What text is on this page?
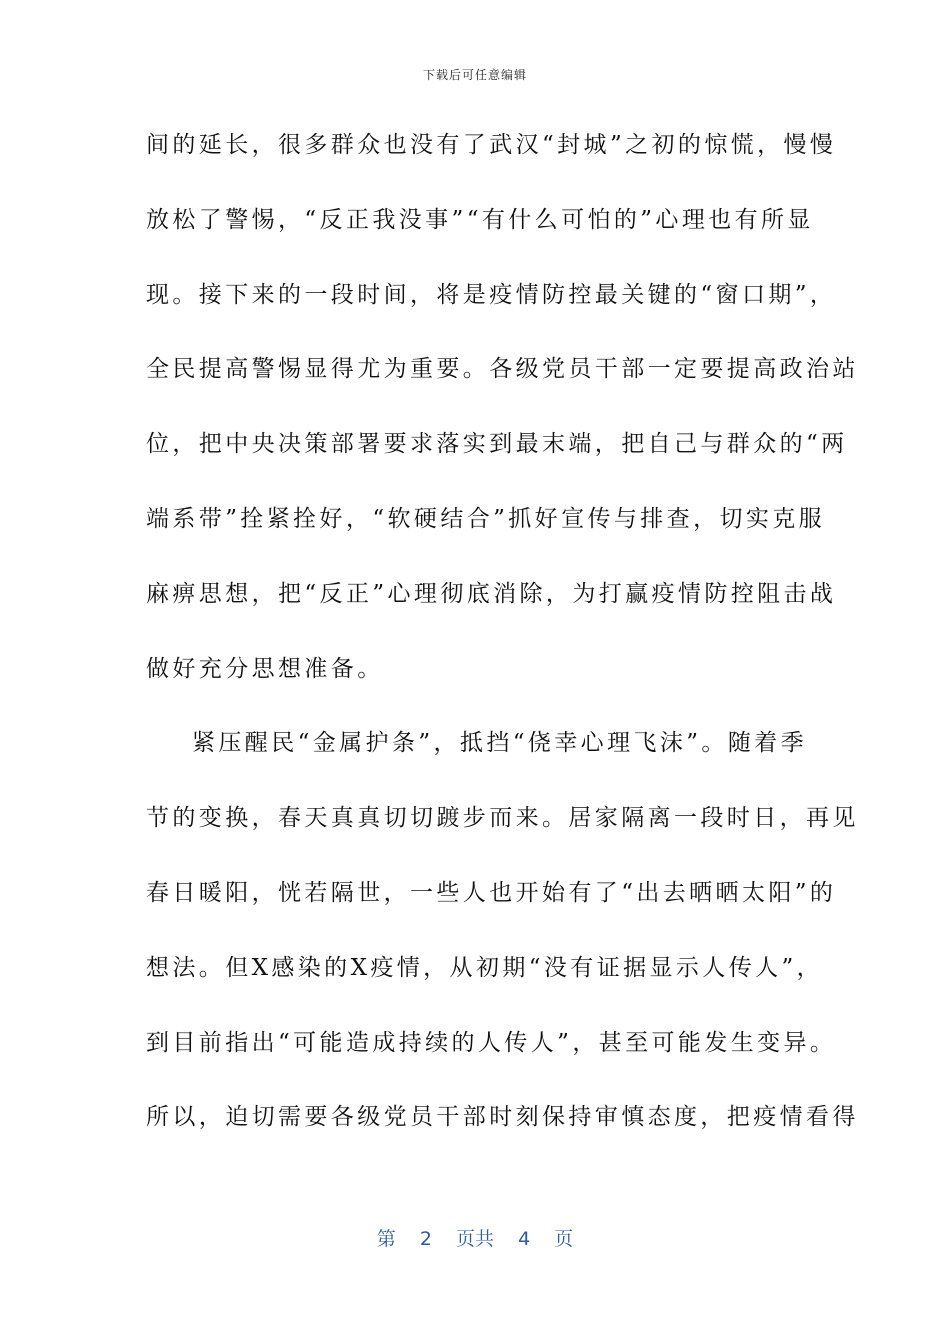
下载后可任意编辑
间的延长，很多群众也没有了武汉“封城”之初的惊慌，慢慢
放松了警惕，“反正我没事”“有什么可怕的”心理也有所显
现。接下来的一段时间，将是疫情防控最关键的“窗口期”，
全民提高警惕显得尤为重要。各级党员干部一定要提高政治站
位，把中央决策部署要求落实到最末端，把自己与群众的“两
端系带”拴紧拴好，“软硬结合”抓好宣传与排查，切实克服
麻痹思想，把“反正”心理彻底消除，为打赢疫情防控阻击战
做好充分思想准备。
紧压醒民“金属护条”，抵挡“侥幸心理飞沫”。随着季
节的变换，春天真真切切踱步而来。居家隔离一段时日，再见
春日暖阳，恍若隔世，一些人也开始有了“出去晒晒太阳”的
想法。但X感染的X疫情，从初期“没有证据显示人传人”，
到目前指出“可能造成持续的人传人”，甚至可能发生变异。
所以，迫切需要各级党员干部时刻保持审慎态度，把疫情看得
第  2  页共  4  页
